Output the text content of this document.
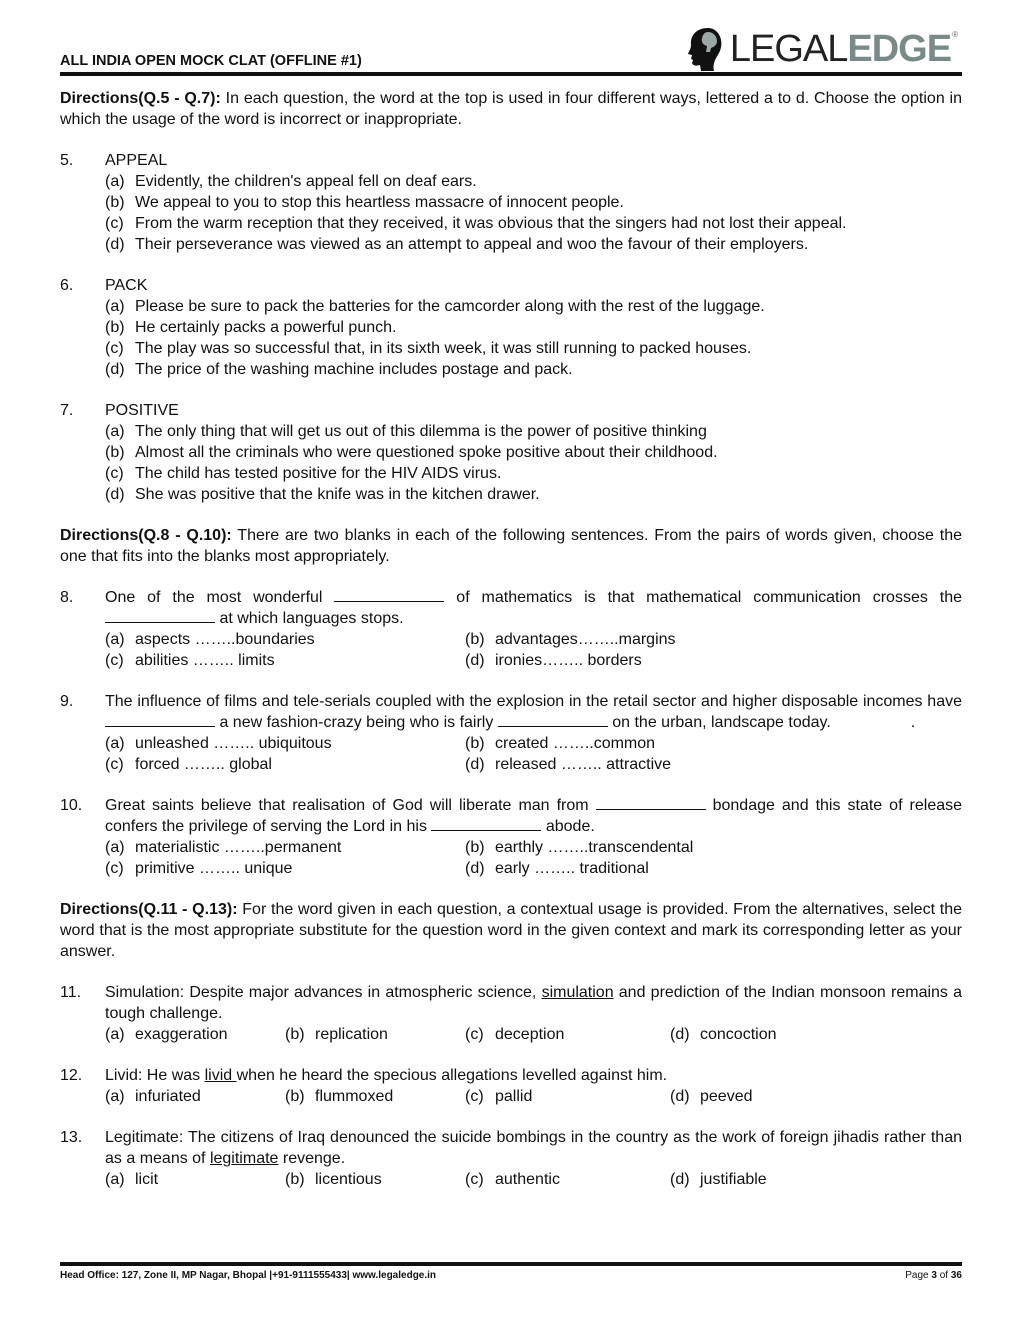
ALL INDIA OPEN MOCK CLAT (OFFLINE #1)	LEGAL EDGE ®

Directions(Q.5 - Q.7): In each question, the word at the top is used in four different ways, lettered a to d. Choose the option in which the usage of the word is incorrect or inappropriate.

5.	APPEAL
(a) Evidently, the children's appeal fell on deaf ears.
(b) We appeal to you to stop this heartless massacre of innocent people.
(c) From the warm reception that they received, it was obvious that the singers had not lost their appeal.
(d) Their perseverance was viewed as an attempt to appeal and woo the favour of their employers.
6.	PACK
(a) Please be sure to pack the batteries for the camcorder along with the rest of the luggage.
(b) He certainly packs a powerful punch.
(c) The play was so successful that, in its sixth week, it was still running to packed houses.
(d) The price of the washing machine includes postage and pack.
7.	POSITIVE
(a) The only thing that will get us out of this dilemma is the power of positive thinking
(b) Almost all the criminals who were questioned spoke positive about their childhood.
(c) The child has tested positive for the HIV AIDS virus.
(d) She was positive that the knife was in the kitchen drawer.

Directions(Q.8 - Q.10): There are two blanks in each of the following sentences. From the pairs of words given, choose the one that fits into the blanks most appropriately.

8.	One of the most wonderful	of mathematics is that mathematical communication crosses the  at which languages stops.
(a) aspects ……..boundaries	(b) advantages……..margins
(c) abilities …….. limits	(d) ironies…….. borders
9.	The influence of films and tele-serials coupled with the explosion in the retail sector and higher disposable incomes have  a new fashion-crazy being who is fairly	on the urban, landscape today.                  .
(a) unleashed …….. ubiquitous	(b) created ……..common
(c) forced …….. global	(d) released …….. attractive
10.	Great saints believe that realisation of God will liberate man from	bondage and this state of release confers the privilege of serving the Lord in his	abode.
(a) materialistic ……..permanent	(b) earthly ……..transcendental
(c) primitive …….. unique	(d) early …….. traditional

Directions(Q.11 - Q.13): For the word given in each question, a contextual usage is provided. From the alternatives, select the word that is the most appropriate substitute for the question word in the given context and mark its corresponding letter as your answer.

11.	Simulation: Despite major advances in atmospheric science, simulation and prediction of the Indian monsoon remains a tough challenge.
(a) exaggeration	(b) replication	(c) deception	(d) concoction
12.	Livid: He was livid when he heard the specious allegations levelled against him.
(a) infuriated	(b) flummoxed	(c) pallid	(d) peeved
13.	Legitimate: The citizens of Iraq denounced the suicide bombings in the country as the work of foreign jihadis rather than as a means of legitimate revenge.
(a) licit	(b) licentious	(c) authentic	(d) justifiable
Head Office: 127, Zone II, MP Nagar, Bhopal |+91-9111555433| www.legaledge.in	Page 3 of 36
